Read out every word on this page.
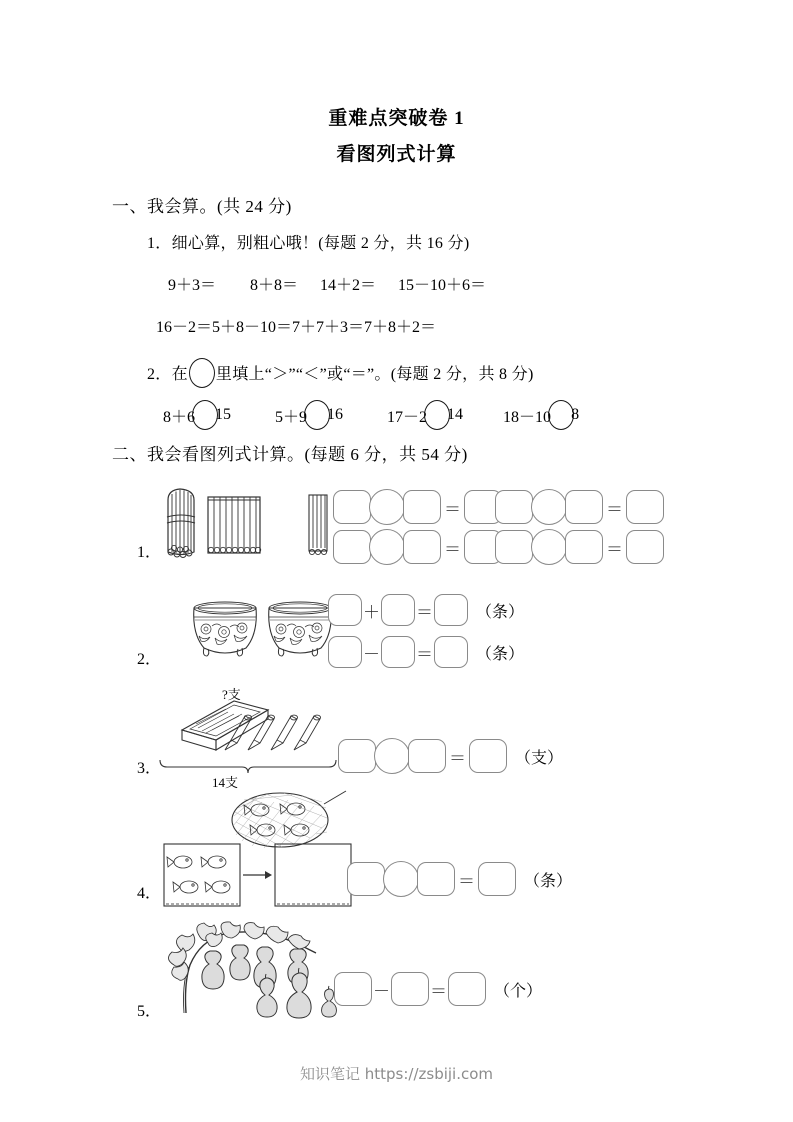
重难点突破卷 1
看图列式计算
一、我会算。(共 24 分)
1．细心算，别粗心哦！(每题 2 分，共 16 分)
9＋3＝ 8＋8＝ 14＋2＝ 15－10＋6＝
16－2＝5＋8－10＝7＋7＋3＝7＋8＋2＝
2．在 里填上“＞”“＜”或“＝”。(每题 2 分，共 8 分)
8＋6 15	5＋9 16	17－2 14	18－10 8
二、我会看图列式计算。(每题 6 分，共 54 分)
1．
＝	＝
＝	＝
2．
＋ ＝	（条）
－ ＝	（条）
3．
?支
14支
＝	（支）
4．
＝	（条）
5．
－ ＝	（个）
知识笔记 https://zsbiji.com
